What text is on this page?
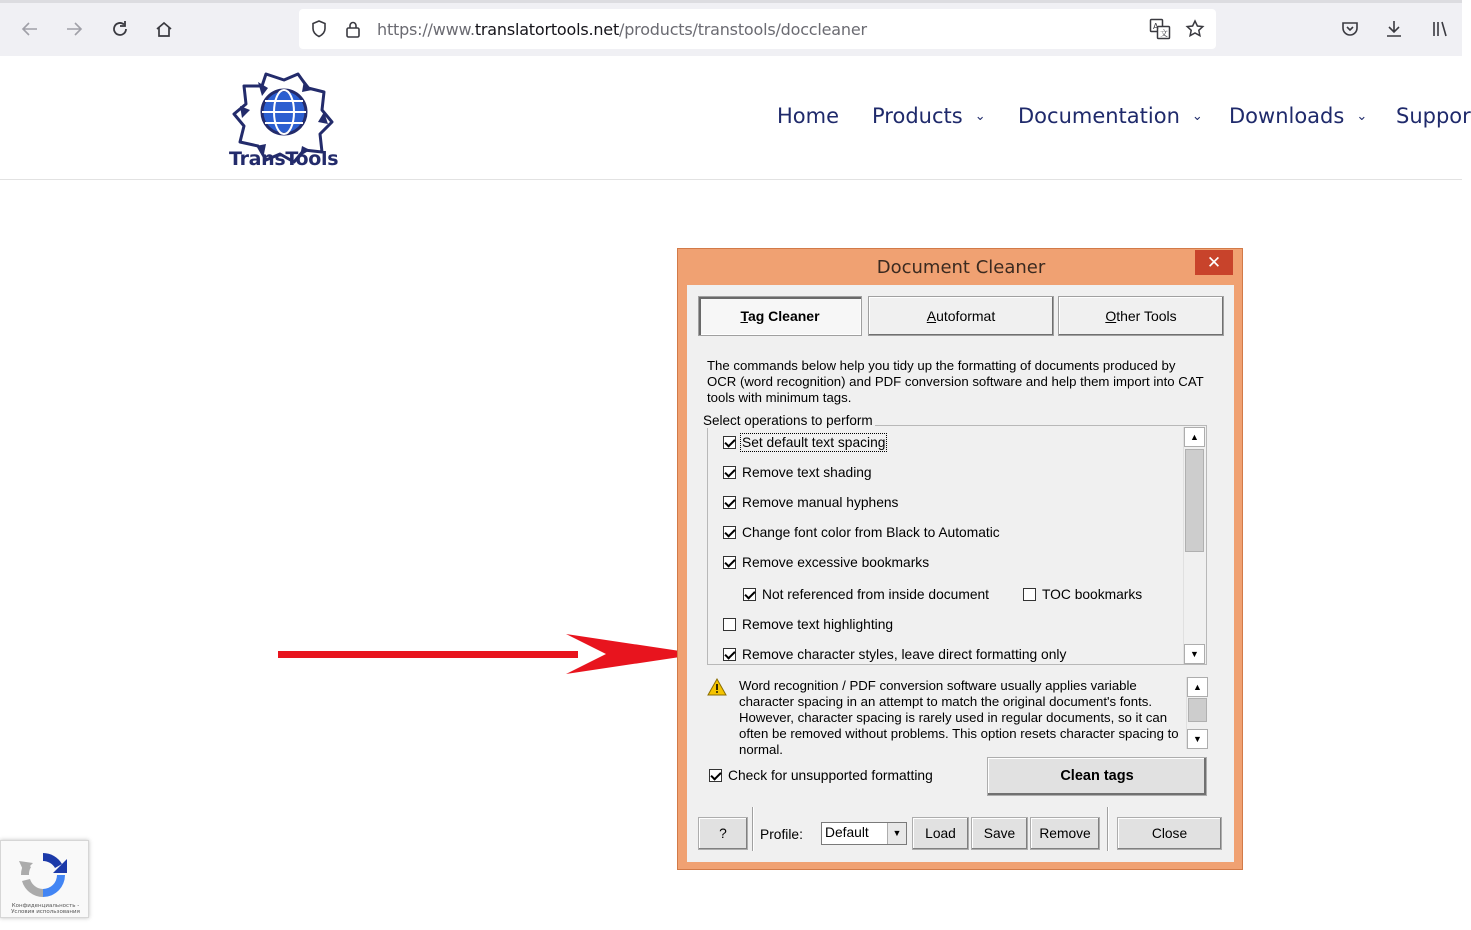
https://www.translatortools.net/products/transtools/doccleaner	A
文
TransTools
Home Products ⌄ Documentation ⌄ Downloads ⌄ Suppor
Document Cleaner	✕
Tag Cleaner	Autoformat	Other Tools
The commands below help you tidy up the formatting of documents produced by OCR (word recognition) and PDF conversion software and help them import into CAT tools with minimum tags.
Select operations to perform
Set default text spacing
Remove text shading
Remove manual hyphens
Change font color from Black to Automatic
Remove excessive bookmarks
Not referenced from inside document	TOC bookmarks
Remove text highlighting
Remove character styles, leave direct formatting only
▲
▼
Word recognition / PDF conversion software usually applies variable character spacing in an attempt to match the original document's fonts. However, character spacing is rarely used in regular documents, so it can often be removed without problems. This option resets character spacing to normal.
▲
▼
Check for unsupported formatting	Clean tags
?	Profile: Default	▼	Load	Save	Remove	Close
Конфиденциальность -
Условия использования
